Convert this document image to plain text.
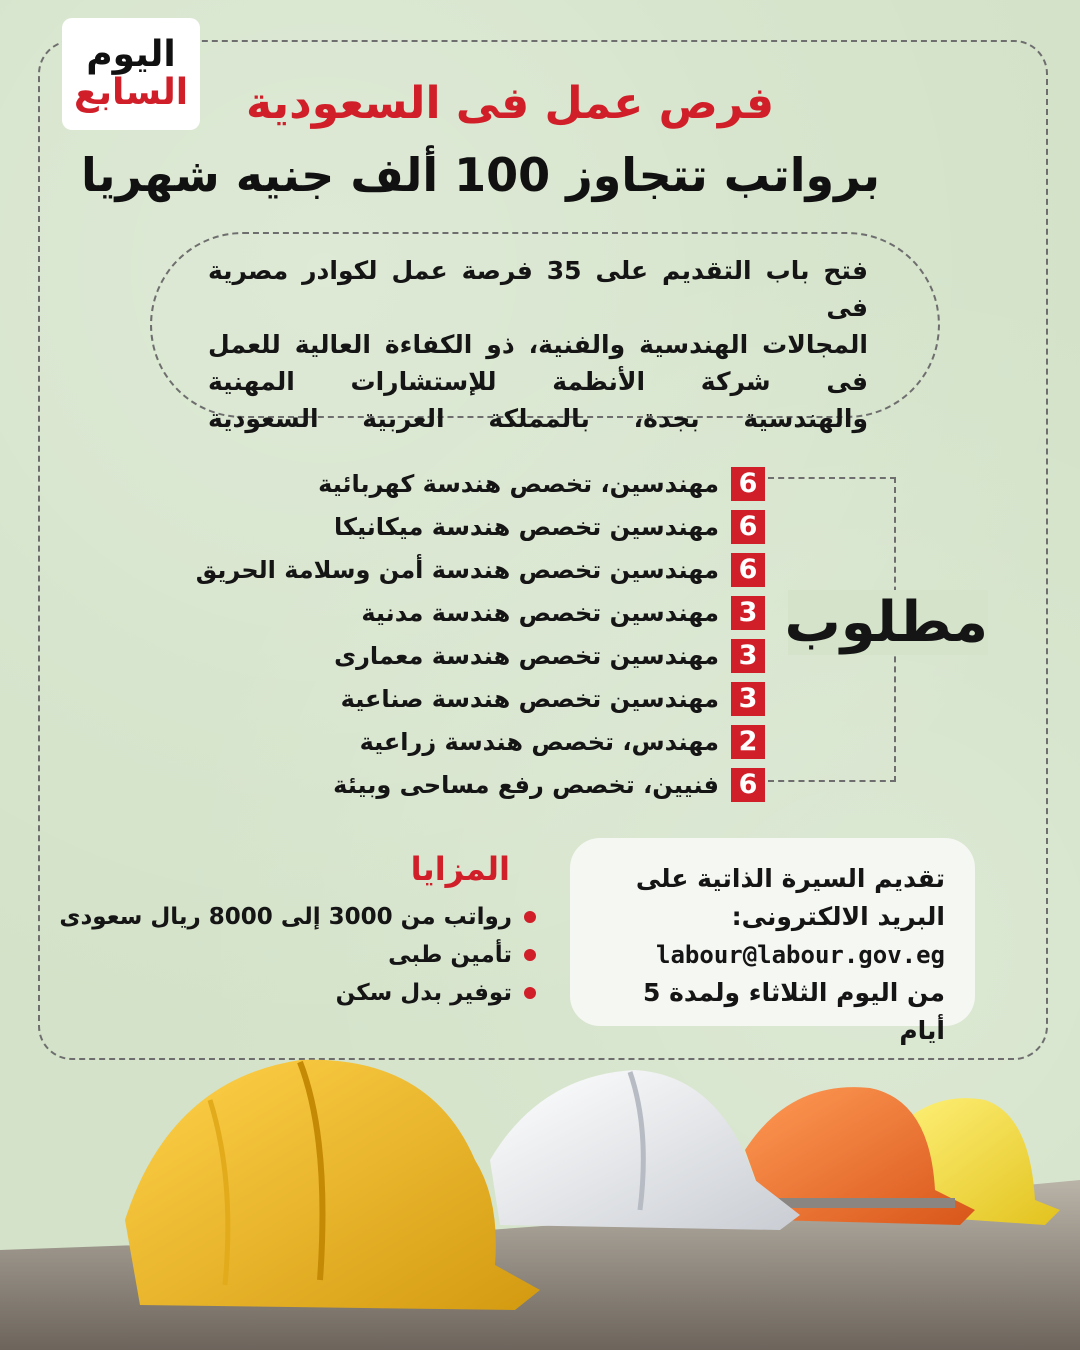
اليوم
السابع فرص عمل فى السعودية
برواتب تتجاوز 100 ألف جنيه شهريا
فتح باب التقديم على 35 فرصة عمل لكوادر مصرية فى
المجالات الهندسية والفنية، ذو الكفاءة العالية للعمل
فى شركة الأنظمة للإستشارات المهنية
والهندسية بجدة، بالمملكة العربية السعودية
مطلوب
6
مهندسين، تخصص هندسة كهربائية
6
مهندسين تخصص هندسة ميكانيكا
6
مهندسين تخصص هندسة أمن وسلامة الحريق
3
مهندسين تخصص هندسة مدنية
3
مهندسين تخصص هندسة معمارى
3
مهندسين تخصص هندسة صناعية
2
مهندس، تخصص هندسة زراعية
6
فنيين، تخصص رفع مساحى وبيئة
المزايا
رواتب من 3000 إلى 8000 ريال سعودى
تأمين طبى
توفير بدل سكن
تقديم السيرة الذاتية على
البريد الالكترونى:
labour@labour.gov.eg
من اليوم الثلاثاء ولمدة 5 أيام
